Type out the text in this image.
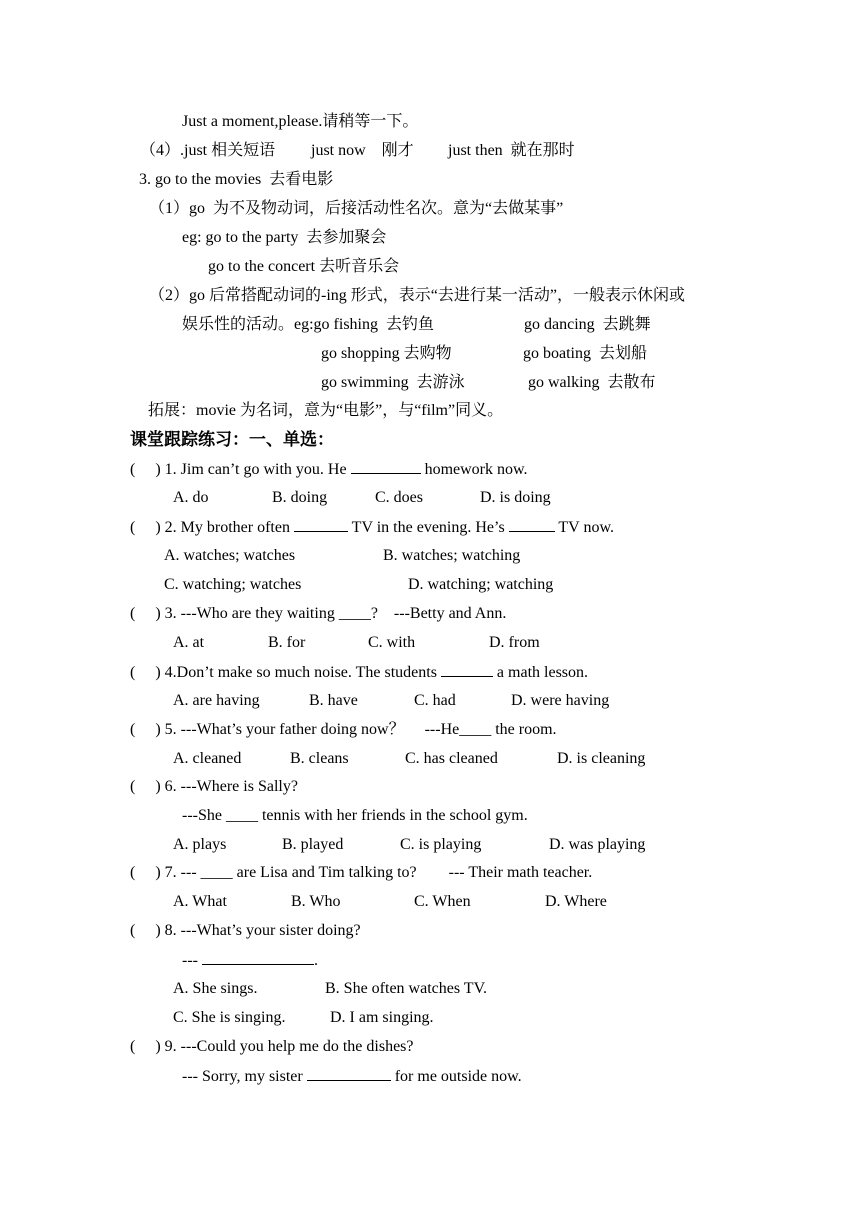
Just a moment,please.请稍等一下。
（4）.just 相关短语 just now　刚才 just then  就在那时
3. go to the movies  去看电影
（1）go  为不及物动词，后接活动性名次。意为“去做某事”
eg: go to the party  去参加聚会
go to the concert 去听音乐会
（2）go 后常搭配动词的-ing 形式，表示“去进行某一活动”，一般表示休闲或
娱乐性的活动。eg:go fishing  去钓鱼	go dancing  去跳舞
go shopping 去购物	go boating  去划船
go swimming  去游泳	go walking  去散布
拓展：movie 为名词，意为“电影”，与“film”同义。
课堂跟踪练习：一、单选：
(     ) 1. Jim can’t go with you. He	homework now.
A. do	B. doing	C. does	D. is doing
(     ) 2. My brother often	TV in the evening. He’s	TV now.
A. watches; watches	B. watches; watching
C. watching; watches	D. watching; watching
(     ) 3. ---Who are they waiting ____?　---Betty and Ann.
A. at	B. for	C. with	D. from
(     ) 4.Don’t make so much noise. The students	a math lesson.
A. are having	B. have	C. had	D. were having
(     ) 5. ---What’s your father doing now？　 ---He____ the room.
A. cleaned	B. cleans	C. has cleaned	D. is cleaning
(     ) 6. ---Where is Sally?
---She ____ tennis with her friends in the school gym.
A. plays	B. played	C. is playing	D. was playing
(     ) 7. --- ____ are Lisa and Tim talking to?　　--- Their math teacher.
A. What	B. Who	C. When	D. Where
(     ) 8. ---What’s your sister doing?
---	.
A. She sings.	B. She often watches TV.
C. She is singing.	D. I am singing.
(     ) 9. ---Could you help me do the dishes?
--- Sorry, my sister	for me outside now.
